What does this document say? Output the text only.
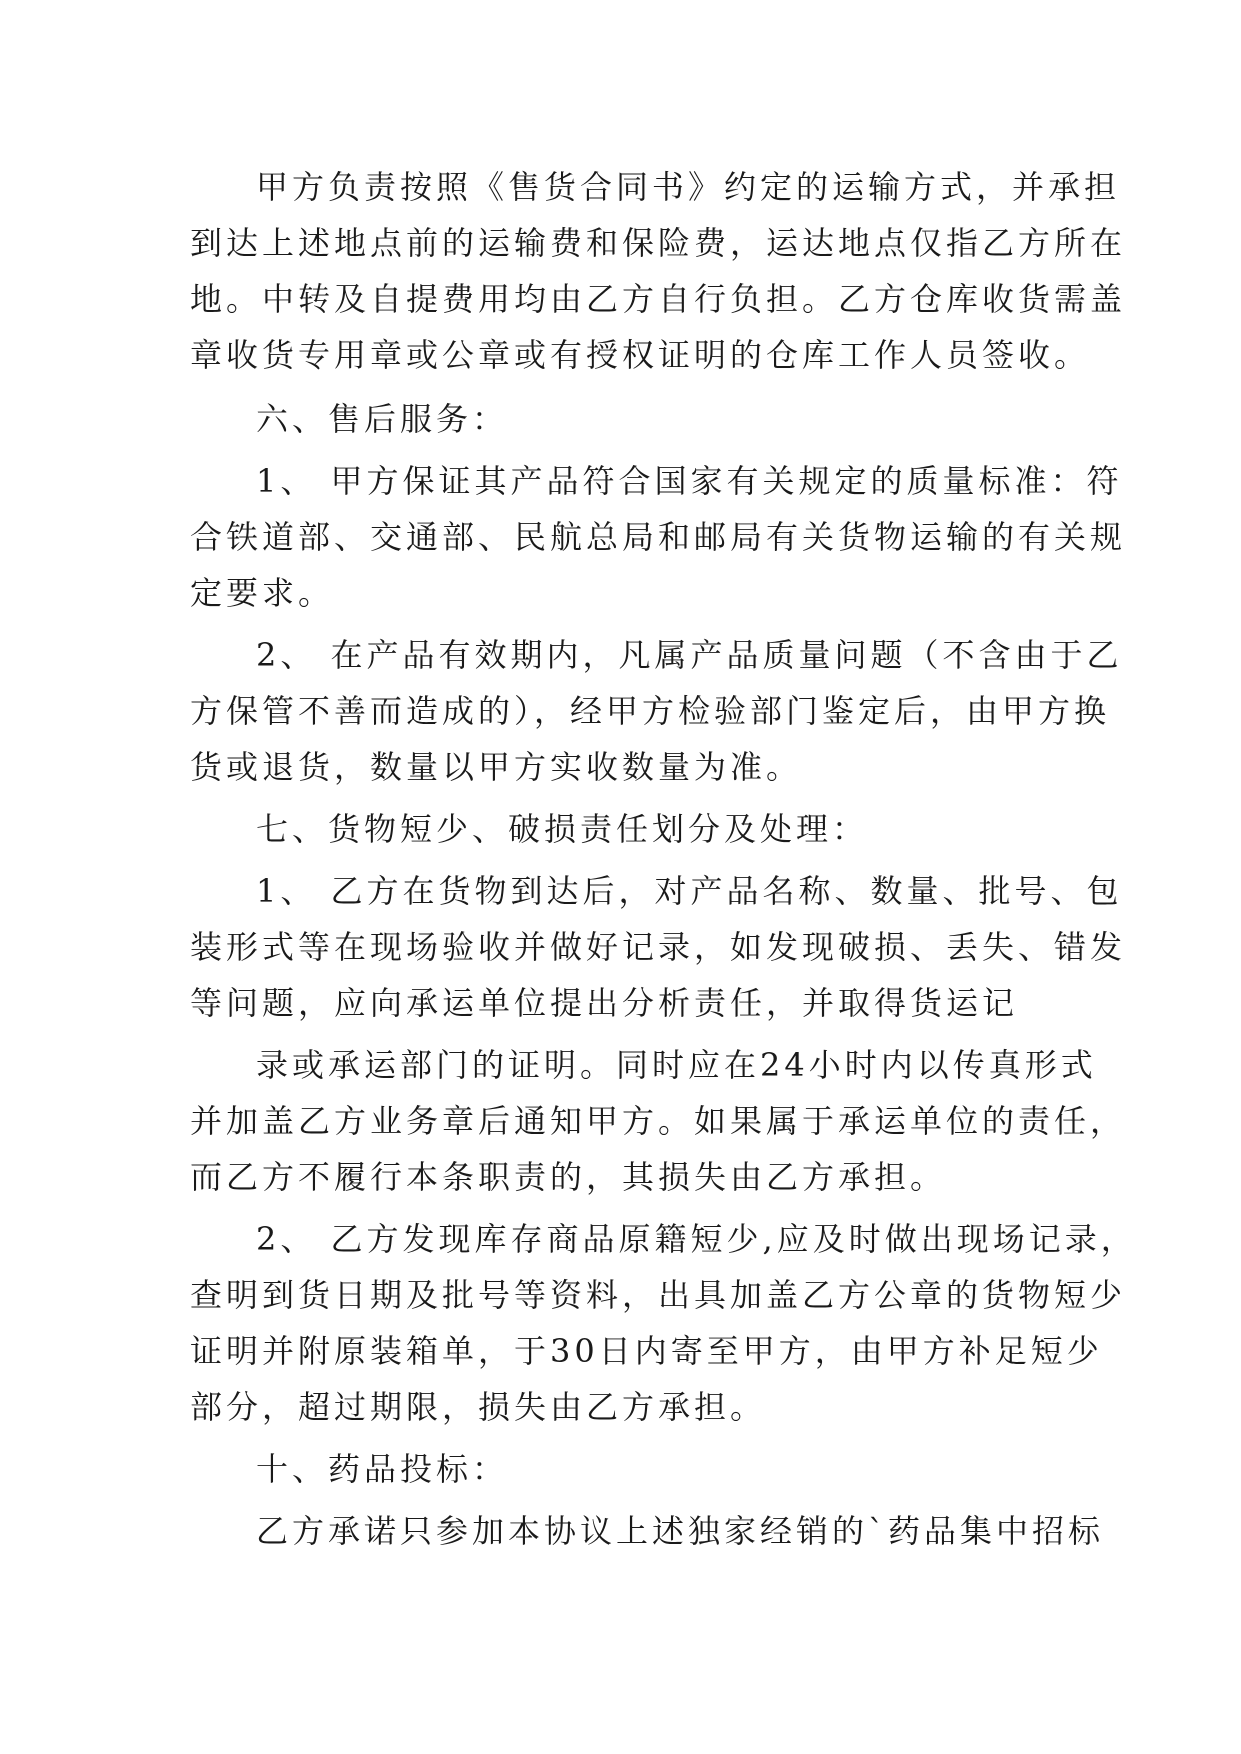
甲方负责按照《售货合同书》约定的运输方式，并承担
到达上述地点前的运输费和保险费，运达地点仅指乙方所在
地。中转及自提费用均由乙方自行负担。乙方仓库收货需盖
章收货专用章或公章或有授权证明的仓库工作人员签收。
六、售后服务：
1、 甲方保证其产品符合国家有关规定的质量标准：符
合铁道部、交通部、民航总局和邮局有关货物运输的有关规
定要求。
2、 在产品有效期内，凡属产品质量问题（不含由于乙
方保管不善而造成的），经甲方检验部门鉴定后，由甲方换
货或退货，数量以甲方实收数量为准。
七、货物短少、破损责任划分及处理：
1、 乙方在货物到达后，对产品名称、数量、批号、包
装形式等在现场验收并做好记录，如发现破损、丢失、错发
等问题，应向承运单位提出分析责任，并取得货运记
录或承运部门的证明。同时应在24小时内以传真形式
并加盖乙方业务章后通知甲方。如果属于承运单位的责任，
而乙方不履行本条职责的，其损失由乙方承担。
2、 乙方发现库存商品原籍短少,应及时做出现场记录，
查明到货日期及批号等资料，出具加盖乙方公章的货物短少
证明并附原装箱单，于30日内寄至甲方，由甲方补足短少
部分，超过期限，损失由乙方承担。
十、药品投标：
乙方承诺只参加本协议上述独家经销的`药品集中招标
